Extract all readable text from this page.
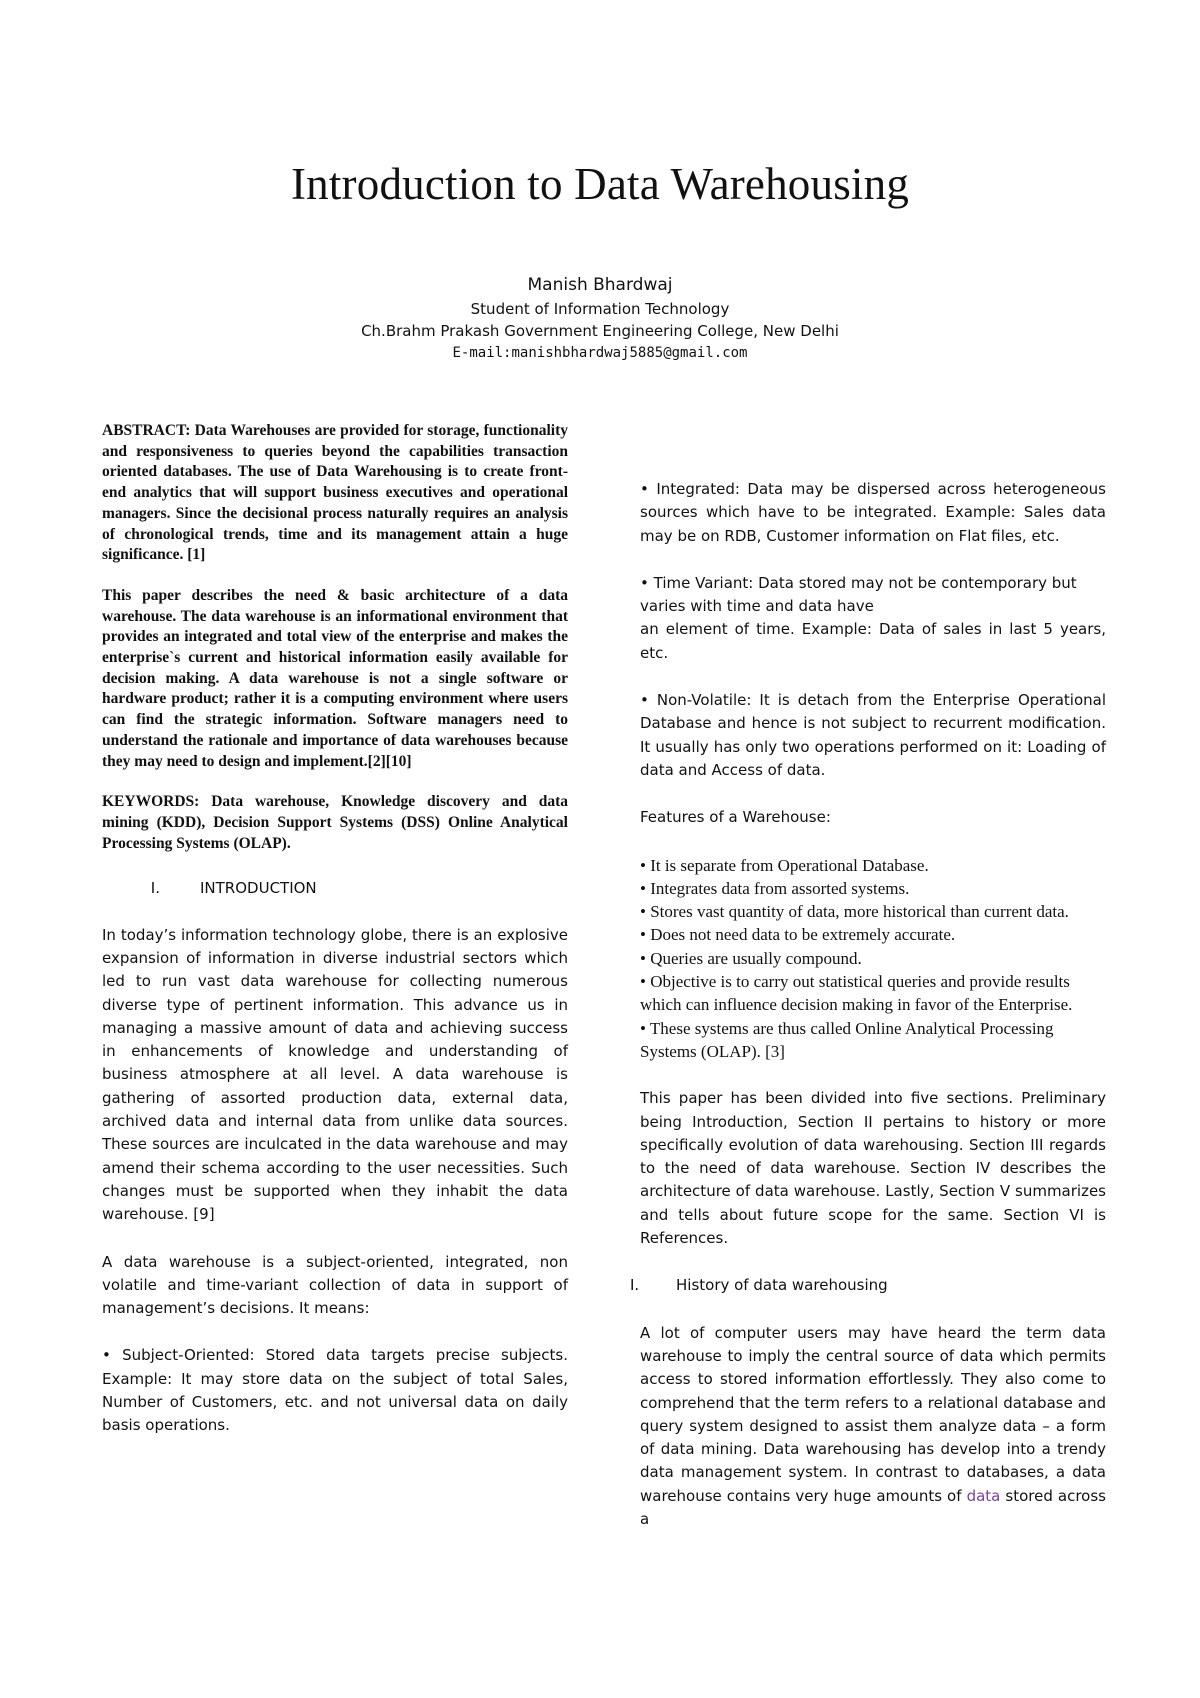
Introduction to Data Warehousing
Manish Bhardwaj
Student of Information Technology
Ch.Brahm Prakash Government Engineering College, New Delhi
E-mail:manishbhardwaj5885@gmail.com

ABSTRACT: Data Warehouses are provided for storage, functionality and responsiveness to queries beyond the capabilities transaction oriented databases. The use of Data Warehousing is to create front-end analytics that will support business executives and operational managers. Since the decisional process naturally requires an analysis of chronological trends, time and its management attain a huge significance. [1]

This paper describes the need & basic architecture of a data warehouse. The data warehouse is an informational environment that provides an integrated and total view of the enterprise and makes the enterprise`s current and historical information easily available for decision making. A data warehouse is not a single software or hardware product; rather it is a computing environment where users can find the strategic information. Software managers need to understand the rationale and importance of data warehouses because they may need to design and implement.[2][10]

KEYWORDS: Data warehouse, Knowledge discovery and data mining (KDD), Decision Support Systems (DSS) Online Analytical Processing Systems (OLAP).

I.	INTRODUCTION

In today’s information technology globe, there is an explosive expansion of information in diverse industrial sectors which led to run vast data warehouse for collecting numerous diverse type of pertinent information. This advance us in managing a massive amount of data and achieving success in enhancements of knowledge and understanding of business atmosphere at all level. A data warehouse is gathering of assorted production data, external data, archived data and internal data from unlike data sources. These sources are inculcated in the data warehouse and may amend their schema according to the user necessities. Such changes must be supported when they inhabit the data warehouse. [9]

A data warehouse is a subject-oriented, integrated, non volatile and time-variant collection of data in support of management’s decisions. It means:

• Subject-Oriented: Stored data targets precise subjects. Example: It may store data on the subject of total Sales, Number of Customers, etc. and not universal data on daily basis operations.

• Integrated: Data may be dispersed across heterogeneous sources which have to be integrated. Example: Sales data may be on RDB, Customer information on Flat files, etc.

• Time Variant: Data stored may not be contemporary but varies with time and data have

an element of time. Example: Data of sales in last 5 years, etc.

• Non-Volatile: It is detach from the Enterprise Operational Database and hence is not subject to recurrent modification. It usually has only two operations performed on it: Loading of data and Access of data.

Features of a Warehouse:

• It is separate from Operational Database.

• Integrates data from assorted systems.

• Stores vast quantity of data, more historical than current data.

• Does not need data to be extremely accurate.

• Queries are usually compound.

• Objective is to carry out statistical queries and provide results which can influence decision making in favor of the Enterprise.

• These systems are thus called Online Analytical Processing Systems (OLAP). [3]

This paper has been divided into five sections. Preliminary being Introduction, Section II pertains to history or more specifically evolution of data warehousing. Section III regards to the need of data warehouse. Section IV describes the architecture of data warehouse. Lastly, Section V summarizes and tells about future scope for the same. Section VI is References.

I.	History of data warehousing

A lot of computer users may have heard the term data warehouse to imply the central source of data which permits access to stored information effortlessly. They also come to comprehend that the term refers to a relational database and query system designed to assist them analyze data – a form of data mining. Data warehousing has develop into a trendy data management system. In contrast to databases, a data warehouse contains very huge amounts of data stored across a
